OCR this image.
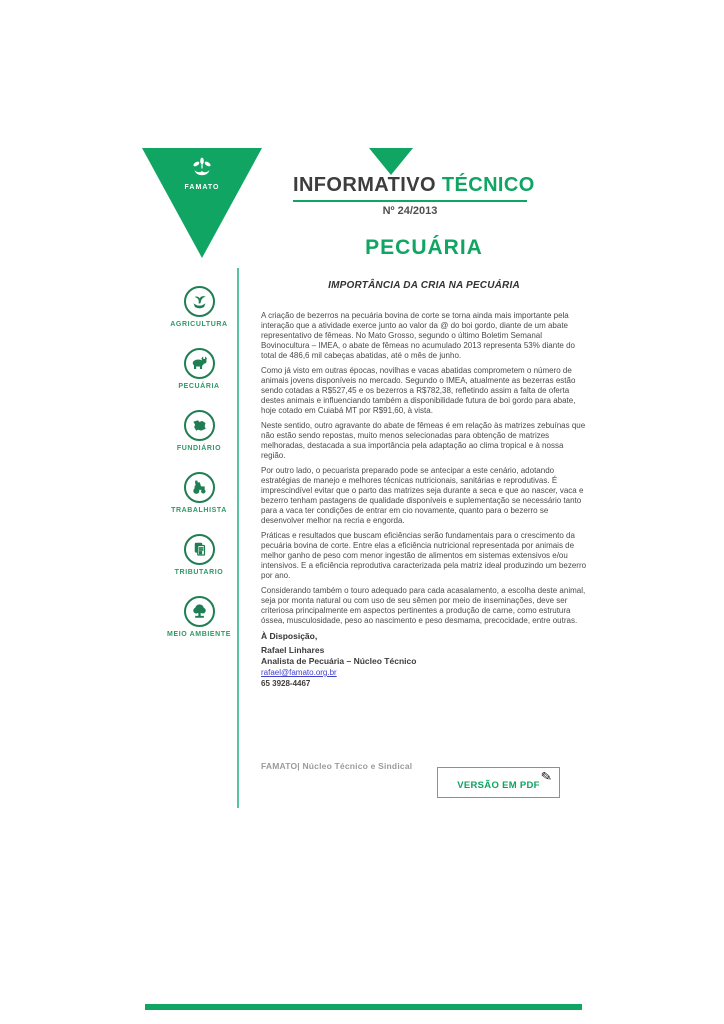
FAMATO	INFORMATIVO TÉCNICO
Nº 24/2013
PECUÁRIA
IMPORTÂNCIA DA CRIA NA PECUÁRIA
AGRICULTURA
PECUÁRIA
FUNDIÁRIO
TRABALHISTA
TRIBUTARIO
MEIO AMBIENTE

A criação de bezerros na pecuária bovina de corte se torna ainda mais importante pela interação que a atividade exerce junto ao valor da @ do boi gordo, diante de um abate representativo de fêmeas. No Mato Grosso, segundo o último Boletim Semanal Bovinocultura – IMEA, o abate de fêmeas no acumulado 2013 representa 53% diante do total de 486,6 mil cabeças abatidas, até o mês de junho.

Como já visto em outras épocas, novilhas e vacas abatidas comprometem o número de animais jovens disponíveis no mercado. Segundo o IMEA, atualmente as bezerras estão sendo cotadas a R$527,45 e os bezerros a R$782,38, refletindo assim a falta de oferta destes animais e influenciando também a disponibilidade futura de boi gordo para abate, hoje cotado em Cuiabá MT por R$91,60, à vista.

Neste sentido, outro agravante do abate de fêmeas é em relação às matrizes zebuínas que não estão sendo repostas, muito menos selecionadas para obtenção de matrizes melhoradas, destacada a sua importância pela adaptação ao clima tropical e à nossa região.

Por outro lado, o pecuarista preparado pode se antecipar a este cenário, adotando estratégias de manejo e melhores técnicas nutricionais, sanitárias e reprodutivas. É imprescindível evitar que o parto das matrizes seja durante a seca e que ao nascer, vaca e bezerro tenham pastagens de qualidade disponíveis e suplementação se necessário tanto para a vaca ter condições de entrar em cio novamente, quanto para o bezerro se desenvolver melhor na recria e engorda.

Práticas e resultados que buscam eficiências serão fundamentais para o crescimento da pecuária bovina de corte. Entre elas a eficiência nutricional representada por animais de melhor ganho de peso com menor ingestão de alimentos em sistemas extensivos e/ou intensivos. E a eficiência reprodutiva caracterizada pela matriz ideal produzindo um bezerro por ano.

Considerando também o touro adequado para cada acasalamento, a escolha deste animal, seja por monta natural ou com uso de seu sêmen por meio de inseminações, deve ser criteriosa principalmente em aspectos pertinentes a produção de carne, como estrutura óssea, musculosidade, peso ao nascimento e peso desmama, precocidade, entre outras.

À Disposição,
Rafael Linhares
Analista de Pecuária – Núcleo Técnico
rafael@famato.org.br
65 3928-4467
FAMATO| Núcleo Técnico e Sindical
VERSÃO EM PDF
✎
